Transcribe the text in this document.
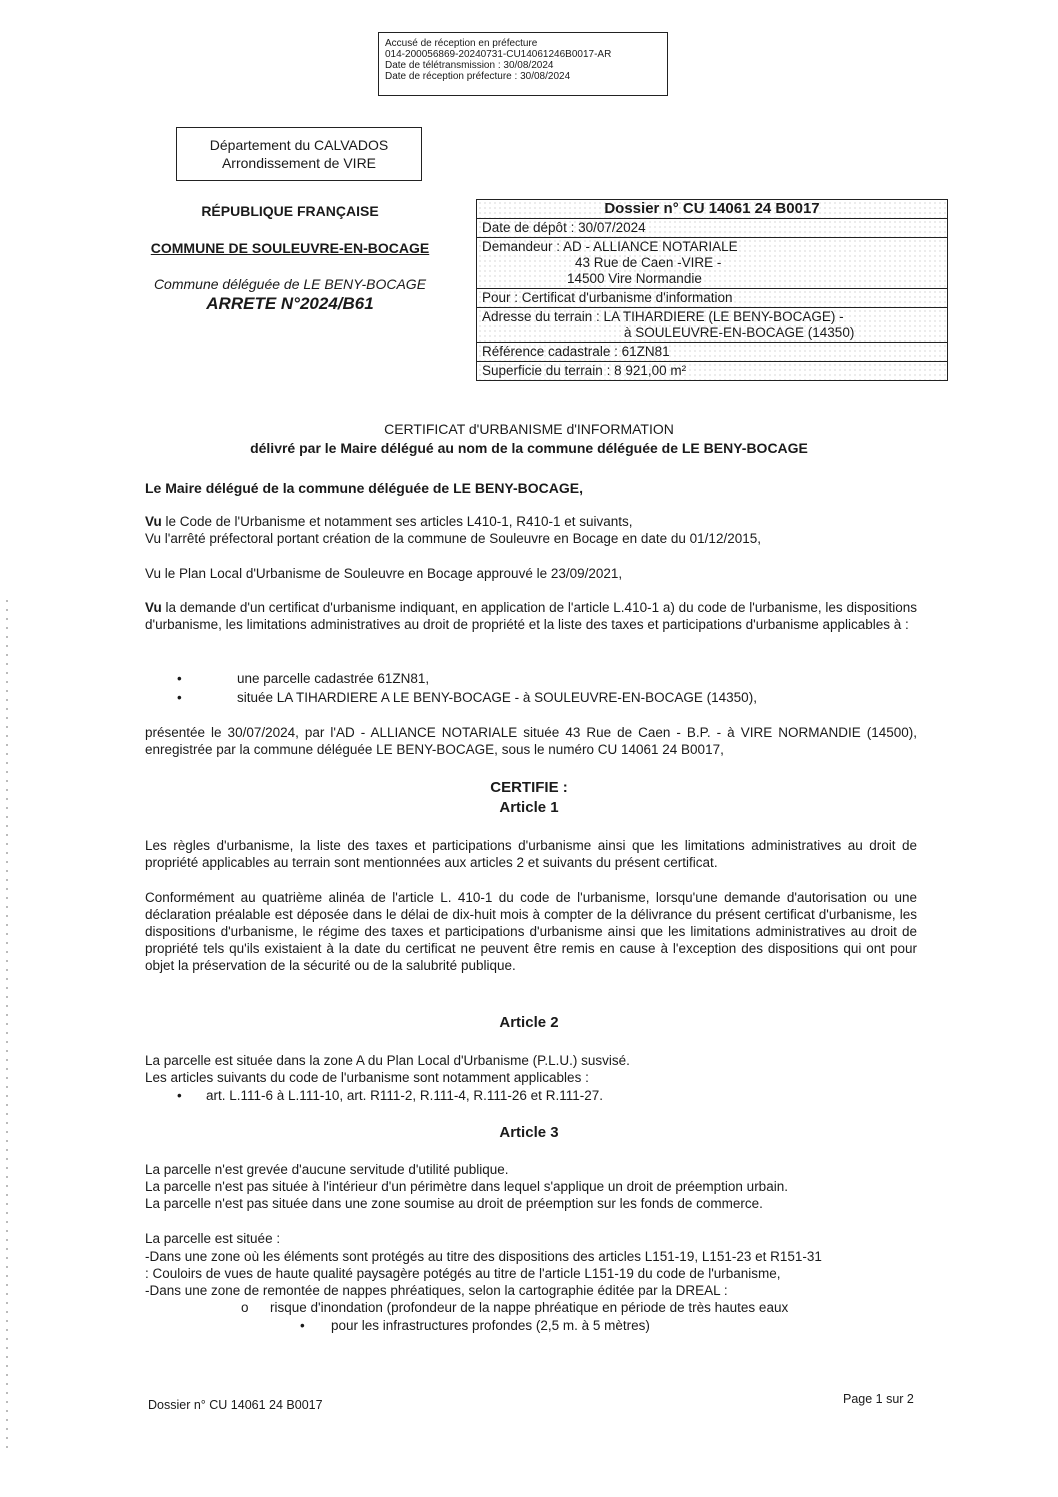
Accusé de réception en préfecture
014-200056869-20240731-CU14061246B0017-AR
Date de télétransmission : 30/08/2024
Date de réception préfecture : 30/08/2024
Département du CALVADOS
Arrondissement de VIRE
RÉPUBLIQUE FRANÇAISE
COMMUNE DE SOULEUVRE-EN-BOCAGE
Commune déléguée de LE BENY-BOCAGE
ARRETE N°2024/B61
Dossier n° CU 14061 24 B0017
Date de dépôt : 30/07/2024

Demandeur : AD - ALLIANCE NOTARIALE
43 Rue de Caen -VIRE -
14500 Vire Normandie

Pour : Certificat d'urbanisme d'information

Adresse du terrain : LA TIHARDIERE (LE BENY-BOCAGE) -
à SOULEUVRE-EN-BOCAGE (14350)

Référence cadastrale : 61ZN81
Superficie du terrain : 8 921,00 m²
CERTIFICAT d'URBANISME d'INFORMATION
délivré par le Maire délégué au nom de la commune déléguée de LE BENY-BOCAGE
Le Maire délégué de la commune déléguée de LE BENY-BOCAGE,
Vu le Code de l'Urbanisme et notamment ses articles L410-1, R410-1 et suivants,
Vu l'arrêté préfectoral portant création de la commune de Souleuvre en Bocage en date du 01/12/2015,
Vu le Plan Local d'Urbanisme de Souleuvre en Bocage approuvé le 23/09/2021,
Vu la demande d'un certificat d'urbanisme indiquant, en application de l'article L.410-1 a) du code de l'urbanisme, les dispositions d'urbanisme, les limitations administratives au droit de propriété et la liste des taxes et participations d'urbanisme applicables à :
•	une parcelle cadastrée 61ZN81,
•	située LA TIHARDIERE A LE BENY-BOCAGE - à SOULEUVRE-EN-BOCAGE (14350),
présentée le 30/07/2024, par l'AD - ALLIANCE NOTARIALE située 43 Rue de Caen - B.P. - à VIRE NORMANDIE (14500), enregistrée par la commune déléguée LE BENY-BOCAGE, sous le numéro CU 14061 24 B0017,
CERTIFIE :
Article 1
Les règles d'urbanisme, la liste des taxes et participations d'urbanisme ainsi que les limitations administratives au droit de propriété applicables au terrain sont mentionnées aux articles 2 et suivants du présent certificat.
Conformément au quatrième alinéa de l'article L. 410-1 du code de l'urbanisme, lorsqu'une demande d'autorisation ou une déclaration préalable est déposée dans le délai de dix-huit mois à compter de la délivrance du présent certificat d'urbanisme, les dispositions d'urbanisme, le régime des taxes et participations d'urbanisme ainsi que les limitations administratives au droit de propriété tels qu'ils existaient à la date du certificat ne peuvent être remis en cause à l'exception des dispositions qui ont pour objet la préservation de la sécurité ou de la salubrité publique.
Article 2
La parcelle est située dans la zone A du Plan Local d'Urbanisme (P.L.U.) susvisé.
Les articles suivants du code de l'urbanisme sont notamment applicables :
• art. L.111-6 à L.111-10, art. R111-2, R.111-4, R.111-26 et R.111-27.
Article 3
La parcelle n'est grevée d'aucune servitude d'utilité publique.
La parcelle n'est pas située à l'intérieur d'un périmètre dans lequel s'applique un droit de préemption urbain.
La parcelle n'est pas située dans une zone soumise au droit de préemption sur les fonds de commerce.
La parcelle est située :
-Dans une zone où les éléments sont protégés au titre des dispositions des articles L151-19, L151-23 et R151-31
: Couloirs de vues de haute qualité paysagère potégés au titre de l'article L151-19 du code de l'urbanisme,
-Dans une zone de remontée de nappes phréatiques, selon la cartographie éditée par la DREAL :
o risque d'inondation (profondeur de la nappe phréatique en période de très hautes eaux
• pour les infrastructures profondes (2,5 m. à 5 mètres)
Dossier n° CU 14061 24 B0017	Page 1 sur 2
